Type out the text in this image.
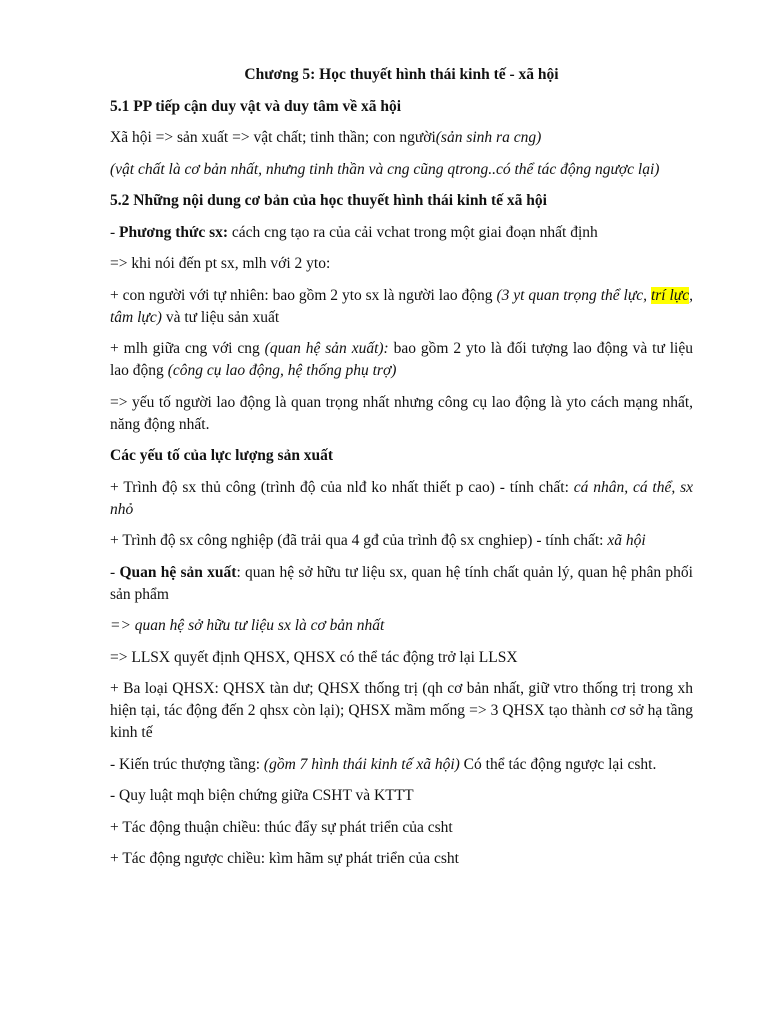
Chương 5: Học thuyết hình thái kinh tế - xã hội
5.1 PP tiếp cận duy vật và duy tâm về xã hội
Xã hội => sản xuất => vật chất; tinh thần; con người(sản sinh ra cng)
(vật chất là cơ bản nhất, nhưng tinh thần và cng cũng qtrong..có thể tác động ngược lại)
5.2 Những nội dung cơ bản của học thuyết hình thái kinh tế xã hội
- Phương thức sx: cách cng tạo ra của cải vchat trong một giai đoạn nhất định
=> khi nói đến pt sx, mlh với 2 yto:
+ con người với tự nhiên: bao gồm 2 yto sx là người lao động (3 yt quan trọng thể lực, trí lực, tâm lực) và tư liệu sản xuất
+ mlh giữa cng với cng (quan hệ sản xuất): bao gồm 2 yto là đối tượng lao động và tư liệu lao động (công cụ lao động, hệ thống phụ trợ)
=> yếu tố người lao động là quan trọng nhất nhưng công cụ lao động là yto cách mạng nhất, năng động nhất.
Các yếu tố của lực lượng sản xuất
+ Trình độ sx thủ công (trình độ của nlđ ko nhất thiết p cao) - tính chất: cá nhân, cá thể, sx nhỏ
+ Trình độ sx công nghiệp (đã trải qua 4 gđ của trình độ sx cnghiep) - tính chất: xã hội
- Quan hệ sản xuất: quan hệ sở hữu tư liệu sx, quan hệ tính chất quản lý, quan hệ phân phối sản phẩm
=> quan hệ sở hữu tư liệu sx là cơ bản nhất
=> LLSX quyết định QHSX, QHSX có thể tác động trở lại LLSX
+ Ba loại QHSX: QHSX tàn dư; QHSX thống trị (qh cơ bản nhất, giữ vtro thống trị trong xh hiện tại, tác động đến 2 qhsx còn lại); QHSX mầm mống => 3 QHSX tạo thành cơ sở hạ tầng kinh tế
- Kiến trúc thượng tầng: (gồm 7 hình thái kinh tế xã hội) Có thể tác động ngược lại csht.
- Quy luật mqh biện chứng giữa CSHT và KTTT
+ Tác động thuận chiều: thúc đẩy sự phát triển của csht
+ Tác động ngược chiều: kìm hãm sự phát triển của csht
